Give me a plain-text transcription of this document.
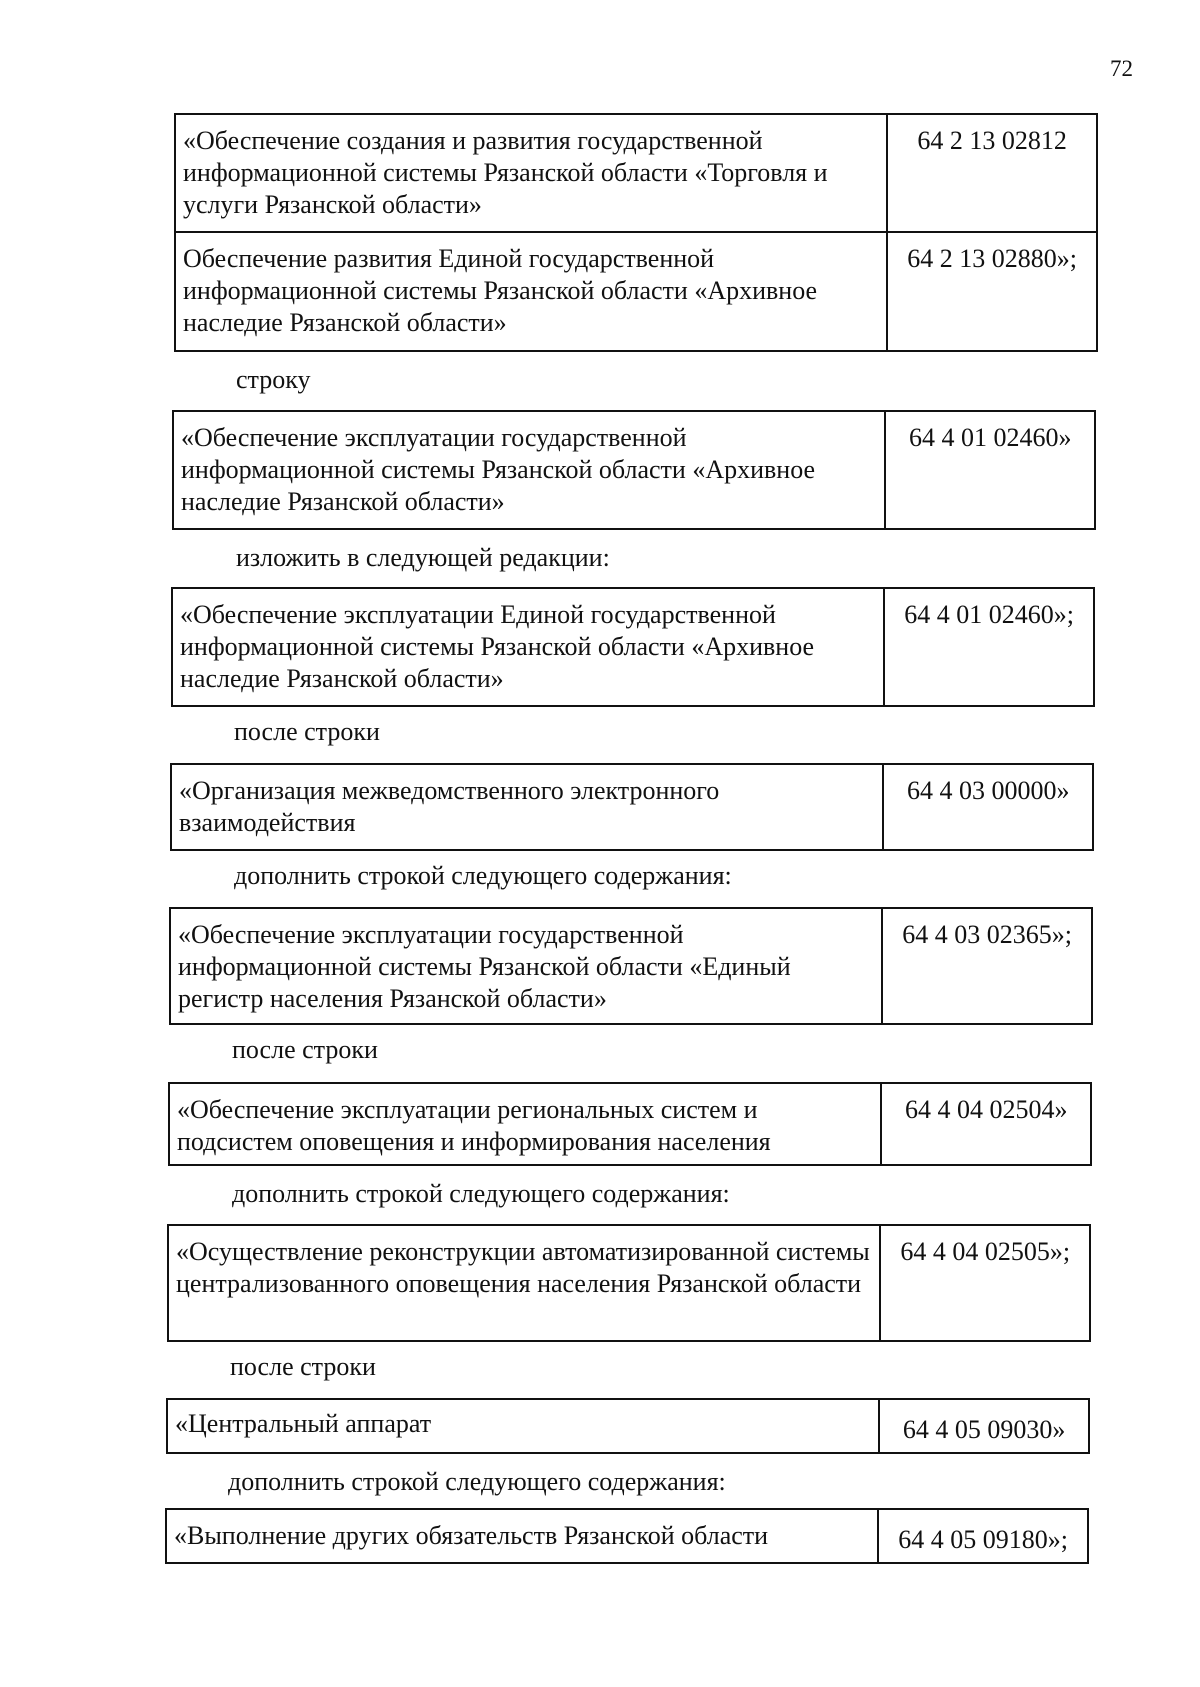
72
«Обеспечение создания и развития государственной информационной системы Рязанской области «Торговля и услуги Рязанской области»	64 2 13 02812
Обеспечение развития Единой государственной информационной системы Рязанской области «Архивное наследие Рязанской области»	64 2 13 02880»;
строку
«Обеспечение эксплуатации государственной информационной системы Рязанской области «Архивное наследие Рязанской области»	64 4 01 02460»
изложить в следующей редакции:
«Обеспечение эксплуатации Единой государственной информационной системы Рязанской области «Архивное наследие Рязанской области»	64 4 01 02460»;
после строки
«Организация межведомственного электронного взаимодействия	64 4 03 00000»
дополнить строкой следующего содержания:
«Обеспечение эксплуатации государственной информационной системы Рязанской области «Единый регистр населения Рязанской области»	64 4 03 02365»;
после строки
«Обеспечение эксплуатации региональных систем и подсистем оповещения и информирования населения	64 4 04 02504»
дополнить строкой следующего содержания:
«Осуществление реконструкции автоматизированной системы централизованного оповещения населения Рязанской области	64 4 04 02505»;
после строки
«Центральный аппарат	64 4 05 09030»
дополнить строкой следующего содержания:
«Выполнение других обязательств Рязанской области	64 4 05 09180»;
